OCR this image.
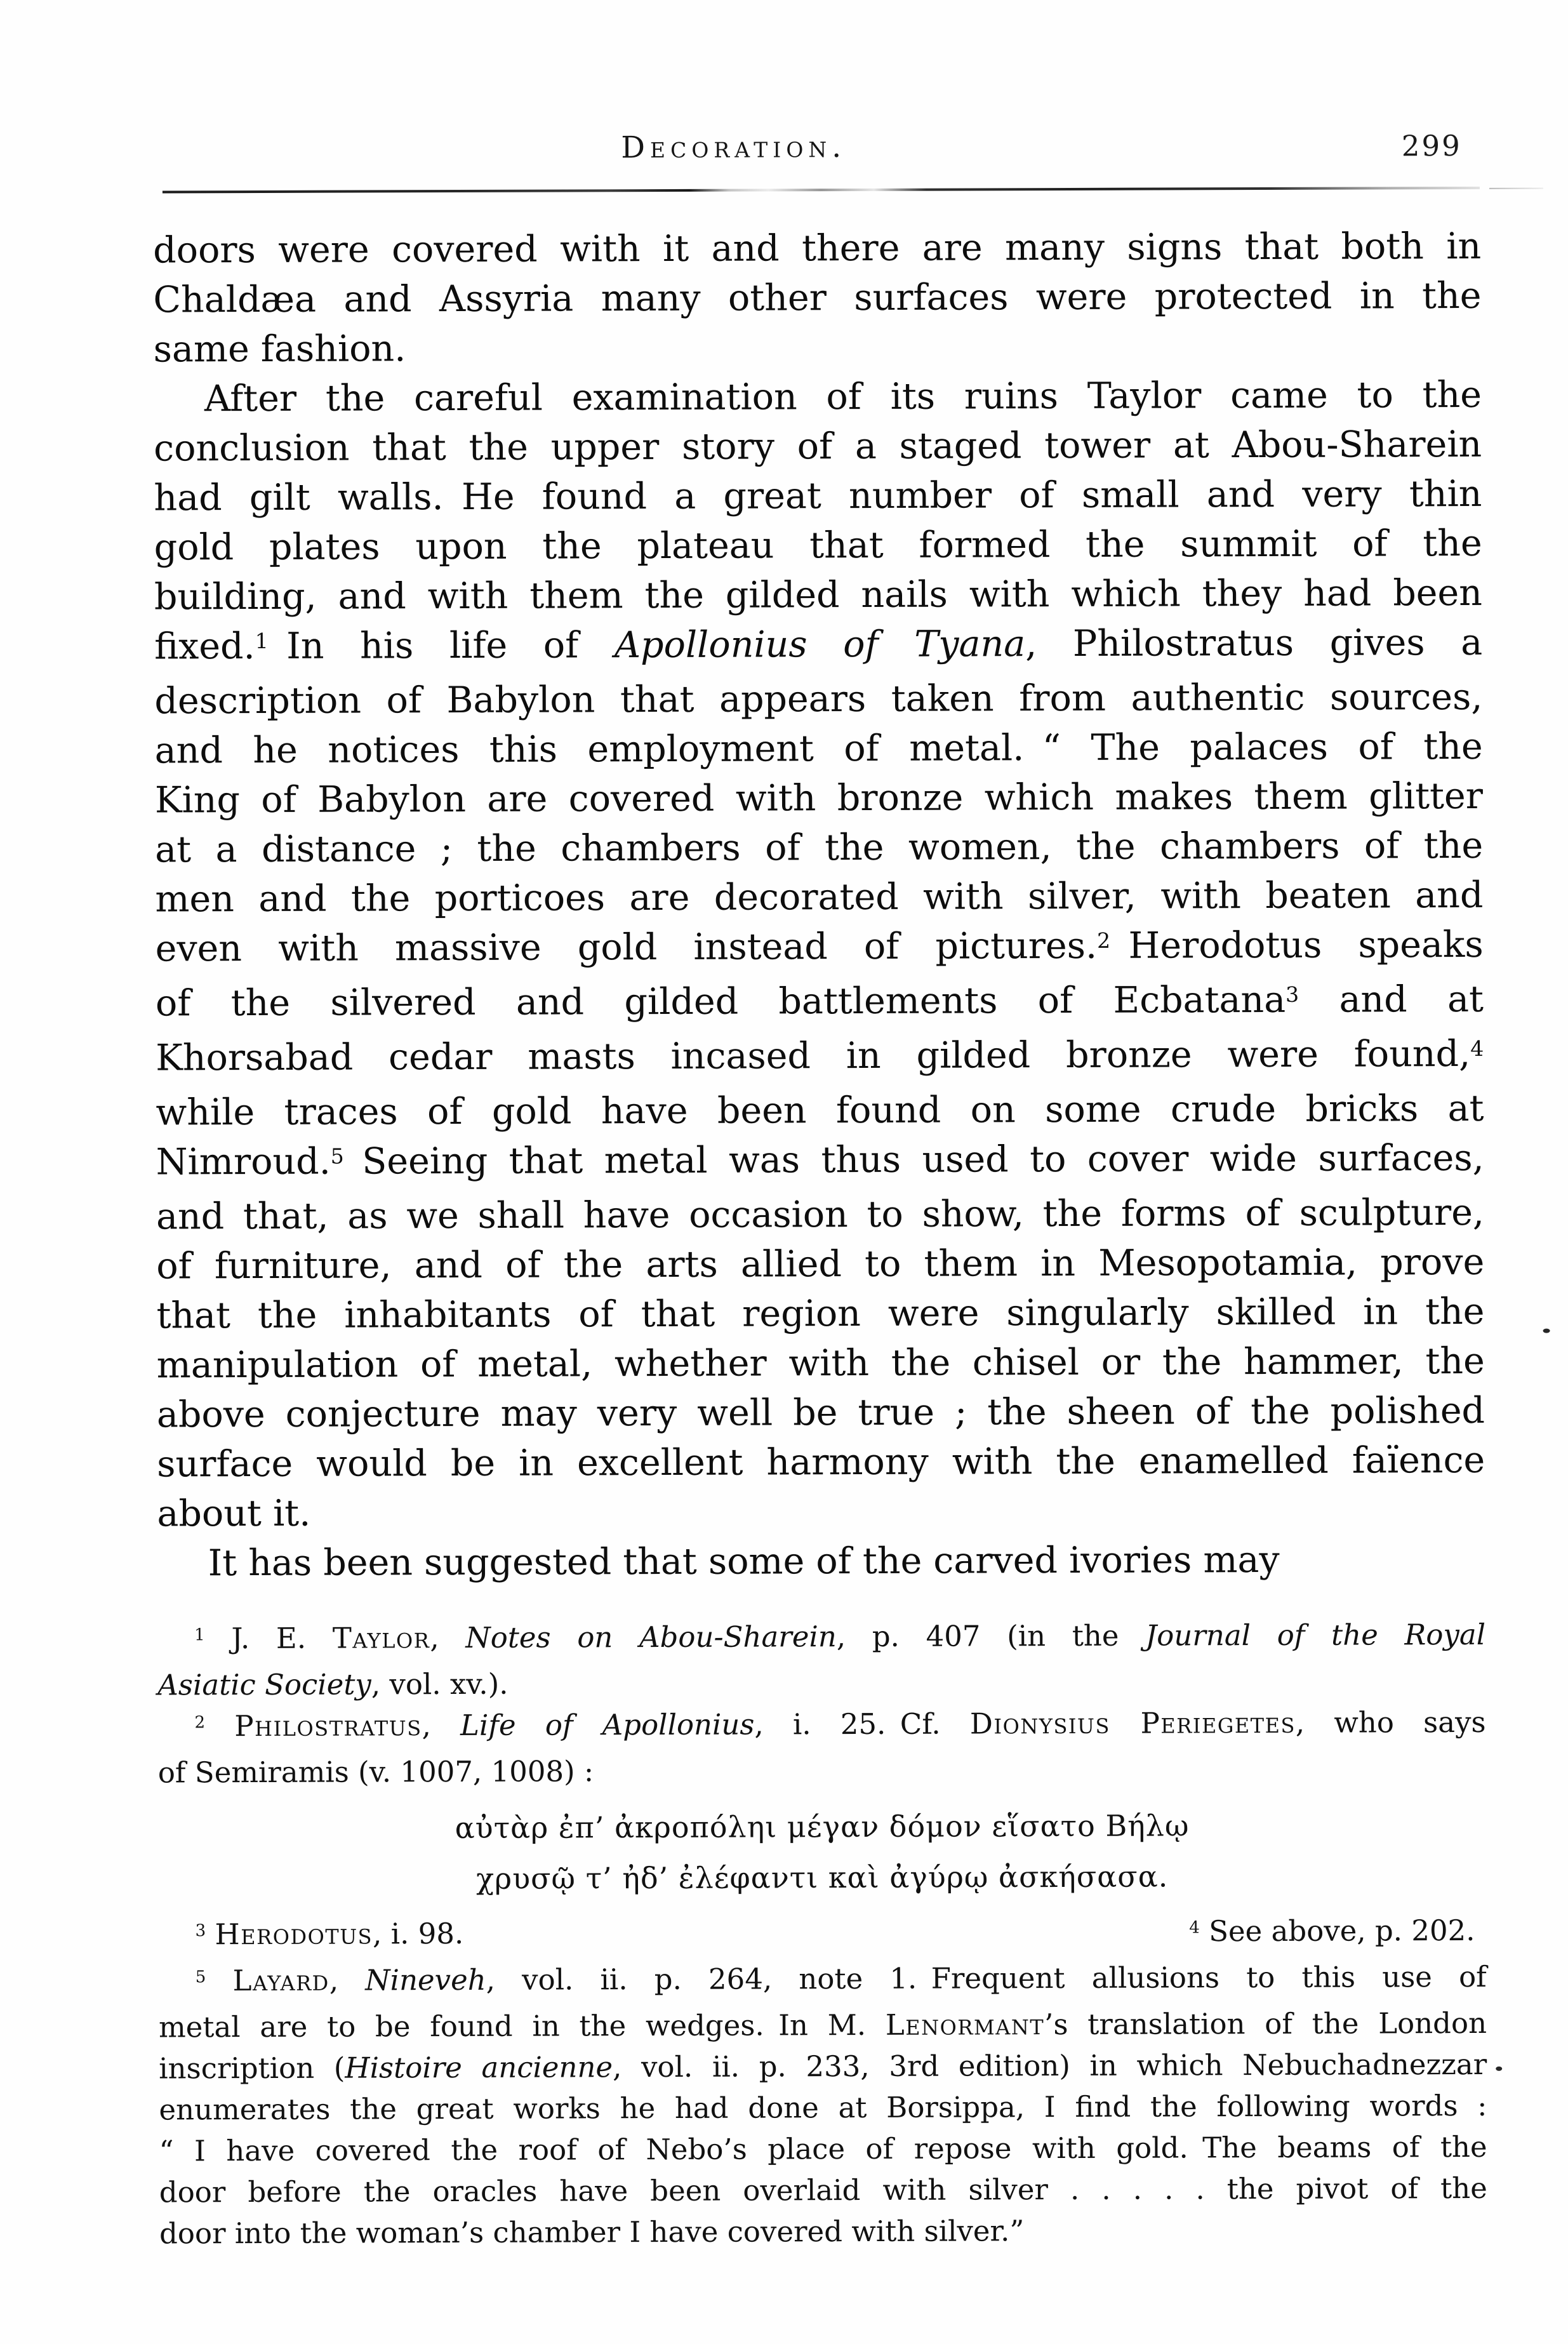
Decoration.	299
doors were covered with it and there are many signs that both in
Chaldæa and Assyria many other surfaces were protected in the
same fashion.
After the careful examination of its ruins Taylor came to the
conclusion that the upper story of a staged tower at Abou-Sharein
had gilt walls. He found a great number of small and very thin
gold plates upon the plateau that formed the summit of the
building, and with them the gilded nails with which they had been
fixed.$^1$ In his life of Apollonius of Tyana, Philostratus gives a
description of Babylon that appears taken from authentic sources,
and he notices this employment of metal. “ The palaces of the
King of Babylon are covered with bronze which makes them glitter
at a distance ; the chambers of the women, the chambers of the
men and the porticoes are decorated with silver, with beaten and
even with massive gold instead of pictures.$^2$ Herodotus speaks
of the silvered and gilded battlements of Ecbatana$^3$ and at
Khorsabad cedar masts incased in gilded bronze were found,$^4$
while traces of gold have been found on some crude bricks at
Nimroud.$^5$ Seeing that metal was thus used to cover wide surfaces,
and that, as we shall have occasion to show, the forms of sculpture,
of furniture, and of the arts allied to them in Mesopotamia, prove
that the inhabitants of that region were singularly skilled in the
manipulation of metal, whether with the chisel or the hammer, the
above conjecture may very well be true ; the sheen of the polished
surface would be in excellent harmony with the enamelled faïence
about it.
It has been suggested that some of the carved ivories may
$^1$ J. E. Taylor, Notes on Abou-Sharein, p. 407 (in the Journal of the Royal
Asiatic Society, vol. xv.).
$^2$ Philostratus, Life of Apollonius, i. 25. Cf. Dionysius Periegetes, who says
of Semiramis (v. 1007, 1008) :
αὐτὰρ ἐπ’ ἀκροπόληι μέγαν δόμον εἵσατο Βήλῳ
χρυσῷ τ’ ἠδ’ ἐλέφαντι καὶ ἀγύρῳ ἀσκήσασα.
$^3$ Herodotus, i. 98.	$^4$ See above, p. 202.
$^5$ Layard, Nineveh, vol. ii. p. 264, note 1. Frequent allusions to this use of
metal are to be found in the wedges. In M. Lenormant’s translation of the London
inscription (Histoire ancienne, vol. ii. p. 233, 3rd edition) in which Nebuchadnezzar
enumerates the great works he had done at Borsippa, I find the following words :
“ I have covered the roof of Nebo’s place of repose with gold. The beams of the
door before the oracles have been overlaid with silver . . . . . the pivot of the
door into the woman’s chamber I have covered with silver.”
